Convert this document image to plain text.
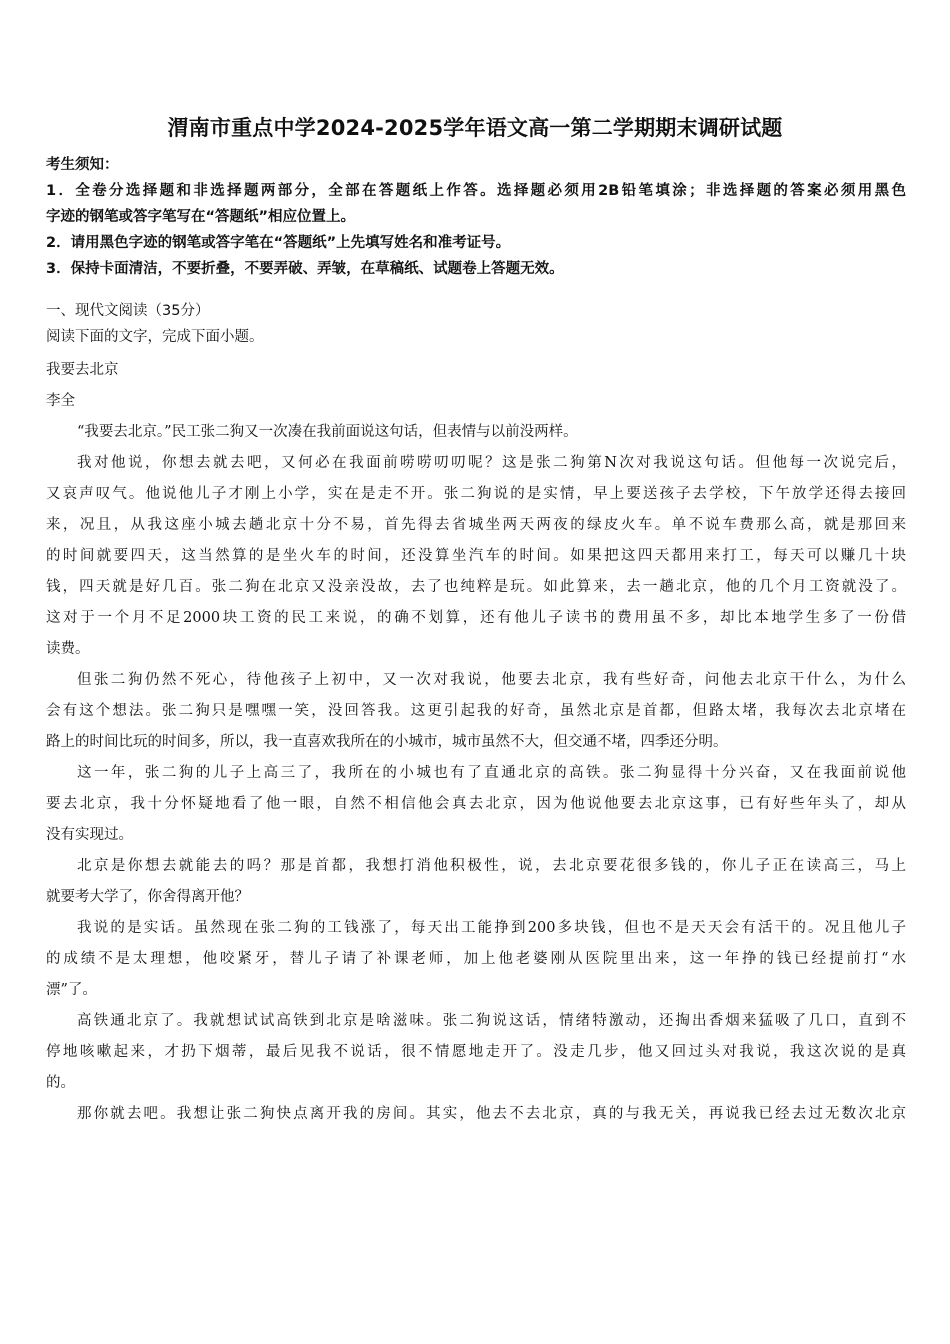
渭南市重点中学2024-2025学年语文高一第二学期期末调研试题
考生须知：
1．全卷分选择题和非选择题两部分，全部在答题纸上作答。选择题必须用2B铅笔填涂；非选择题的答案必须用黑色
字迹的钢笔或答字笔写在“答题纸”相应位置上。
2．请用黑色字迹的钢笔或答字笔在“答题纸”上先填写姓名和准考证号。
3．保持卡面清洁，不要折叠，不要弄破、弄皱，在草稿纸、试题卷上答题无效。
一、现代文阅读（35分）
阅读下面的文字，完成下面小题。
我要去北京
李全
“我要去北京。”民工张二狗又一次凑在我前面说这句话，但表情与以前没两样。
我对他说，你想去就去吧，又何必在我面前唠唠叨叨呢？这是张二狗第N次对我说这句话。但他每一次说完后，
又哀声叹气。他说他儿子才刚上小学，实在是走不开。张二狗说的是实情，早上要送孩子去学校，下午放学还得去接回
来，况且，从我这座小城去趟北京十分不易，首先得去省城坐两天两夜的绿皮火车。单不说车费那么高，就是那回来
的时间就要四天，这当然算的是坐火车的时间，还没算坐汽车的时间。如果把这四天都用来打工，每天可以赚几十块
钱，四天就是好几百。张二狗在北京又没亲没故，去了也纯粹是玩。如此算来，去一趟北京，他的几个月工资就没了。
这对于一个月不足2000块工资的民工来说，的确不划算，还有他儿子读书的费用虽不多，却比本地学生多了一份借
读费。
但张二狗仍然不死心，待他孩子上初中，又一次对我说，他要去北京，我有些好奇，问他去北京干什么，为什么
会有这个想法。张二狗只是嘿嘿一笑，没回答我。这更引起我的好奇，虽然北京是首都，但路太堵，我每次去北京堵在
路上的时间比玩的时间多，所以，我一直喜欢我所在的小城市，城市虽然不大，但交通不堵，四季还分明。
这一年，张二狗的儿子上高三了，我所在的小城也有了直通北京的高铁。张二狗显得十分兴奋，又在我面前说他
要去北京，我十分怀疑地看了他一眼，自然不相信他会真去北京，因为他说他要去北京这事，已有好些年头了，却从
没有实现过。
北京是你想去就能去的吗？那是首都，我想打消他积极性，说，去北京要花很多钱的，你儿子正在读高三，马上
就要考大学了，你舍得离开他？
我说的是实话。虽然现在张二狗的工钱涨了，每天出工能挣到200多块钱，但也不是天天会有活干的。况且他儿子
的成绩不是太理想，他咬紧牙，替儿子请了补课老师，加上他老婆刚从医院里出来，这一年挣的钱已经提前打“水
漂”了。
高铁通北京了。我就想试试高铁到北京是啥滋味。张二狗说这话，情绪特激动，还掏出香烟来猛吸了几口，直到不
停地咳嗽起来，才扔下烟蒂，最后见我不说话，很不情愿地走开了。没走几步，他又回过头对我说，我这次说的是真
的。
那你就去吧。我想让张二狗快点离开我的房间。其实，他去不去北京，真的与我无关，再说我已经去过无数次北京
